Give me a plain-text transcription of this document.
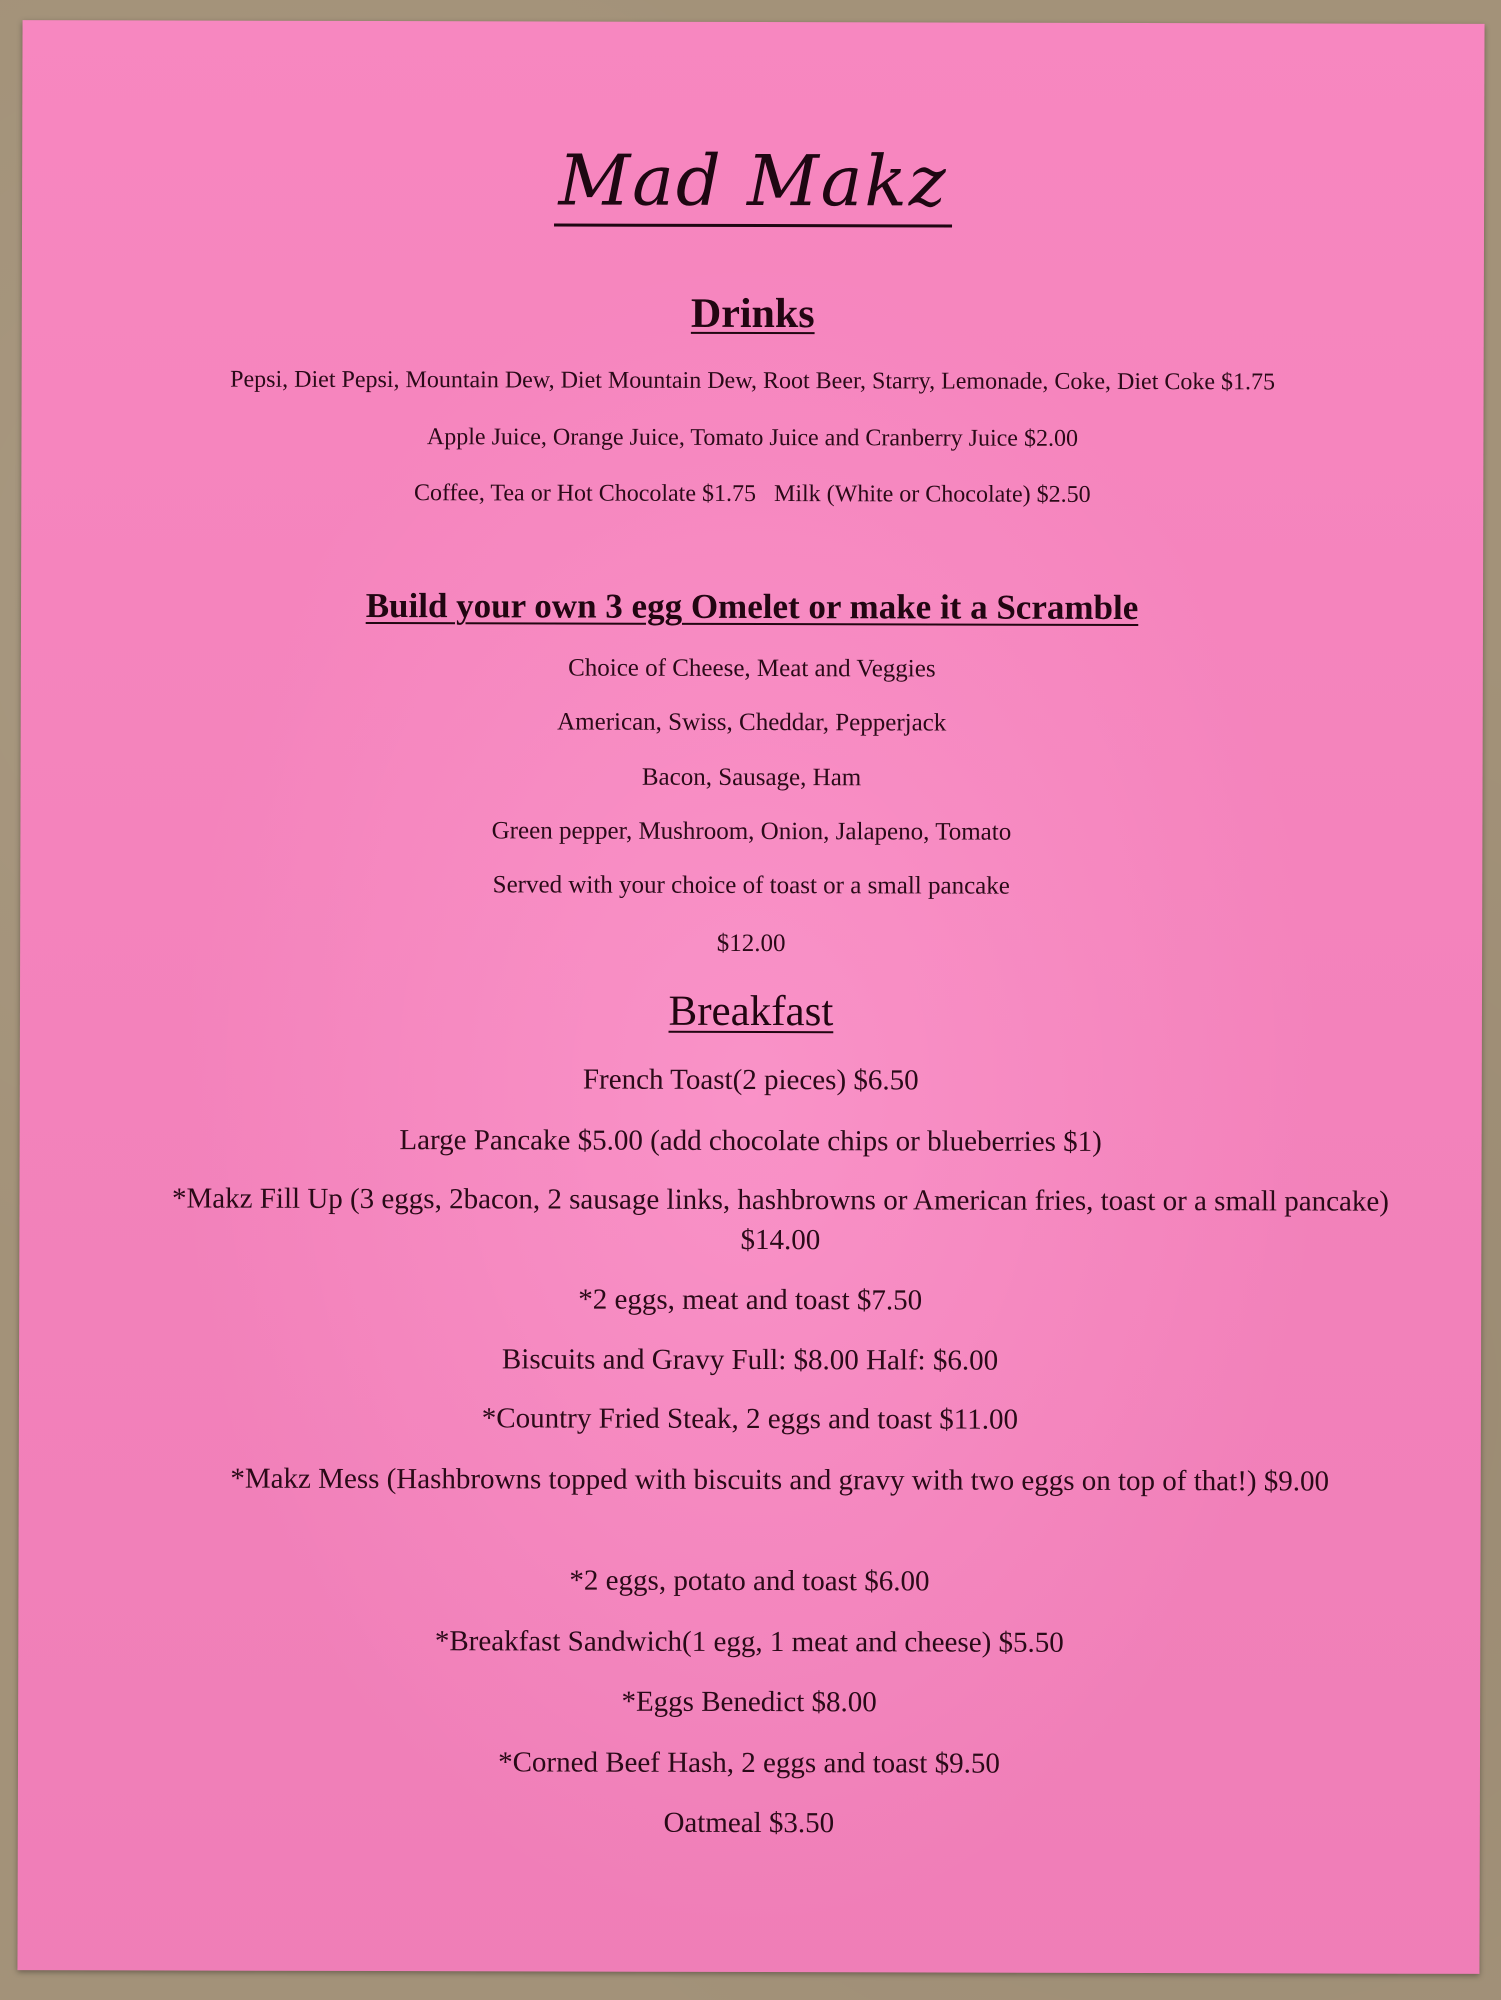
Mad Makz
Drinks
Pepsi, Diet Pepsi, Mountain Dew, Diet Mountain Dew, Root Beer, Starry, Lemonade, Coke, Diet Coke $1.75
Apple Juice, Orange Juice, Tomato Juice and Cranberry Juice $2.00
Coffee, Tea or Hot Chocolate $1.75 Milk (White or Chocolate) $2.50
Build your own 3 egg Omelet or make it a Scramble
Choice of Cheese, Meat and Veggies
American, Swiss, Cheddar, Pepperjack
Bacon, Sausage, Ham
Green pepper, Mushroom, Onion, Jalapeno, Tomato
Served with your choice of toast or a small pancake
$12.00
Breakfast
French Toast(2 pieces) $6.50
Large Pancake $5.00 (add chocolate chips or blueberries $1)
*Makz Fill Up (3 eggs, 2bacon, 2 sausage links, hashbrowns or American fries, toast or a small pancake) $14.00
*2 eggs, meat and toast $7.50
Biscuits and Gravy Full: $8.00 Half: $6.00
*Country Fried Steak, 2 eggs and toast $11.00
*Makz Mess (Hashbrowns topped with biscuits and gravy with two eggs on top of that!) $9.00
*2 eggs, potato and toast $6.00
*Breakfast Sandwich(1 egg, 1 meat and cheese) $5.50
*Eggs Benedict $8.00
*Corned Beef Hash, 2 eggs and toast $9.50
Oatmeal $3.50
